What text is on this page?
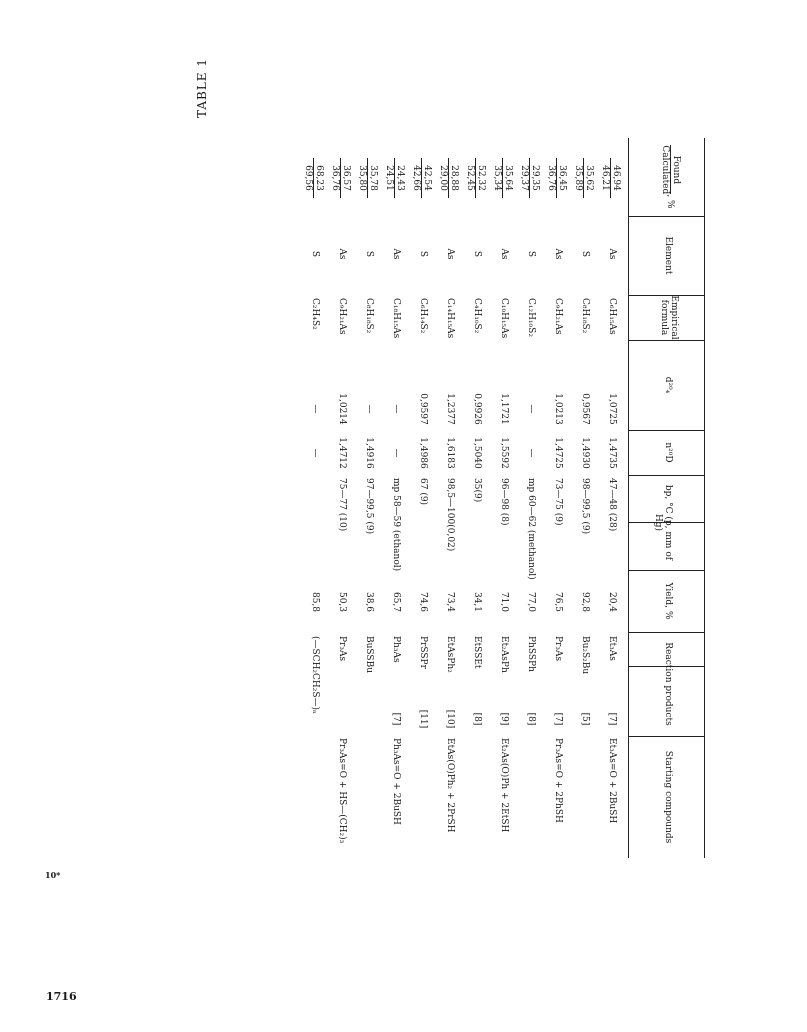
TABLE 1
Found
Calculated
, %
Element
Empirical formula
d²⁰₄
n²⁰D
bp, °C (p, mm of Hg)
Yield, %
Reaction products
Starting compounds
Et₃As=O + 2BuSH
Et₃As
[7]
20,4
47—48 (28)
1,4735
1,0725
C₆H₁₅As
As
46,94
46,21
Bu₂S₂Bu
[5]
92,8
98—99,5 (9)
1,4930
0,9567
C₈H₁₈S₂
S
35,62
35,89
Pr₃As=O + 2PhSH
Pr₃As
[7]
76,5
73—75 (9)
1,4725
1,0213
C₉H₂₁As
As
36,45
36,76
PhSSPh
[8]
77,0
mp 60—62 (methanol)
—
—
C₁₂H₁₀S₂
S
29,35
29,37
Et₂As(O)Ph + 2EtSH
Et₂AsPh
[9]
71,0
96—98 (8)
1,5592
1,1721
C₁₀H₁₅As
As
35,64
35,34
EtSSEt
[8]
34,1
35(9)
1,5040
0,9926
C₄H₁₀S₂
S
52,32
52,45
EtAs(O)Ph₂ + 2PrSH
EtAsPh₂
[10]
73,4
98,5—100(0,02)
1,6183
1,2377
C₁₄H₁₅As
As
28,88
29,00
PrSSPr
[11]
74,6
67 (9)
1,4986
0,9597
C₆H₁₄S₂
S
42,54
42,66
Ph₃As=O + 2BuSH
Ph₃As
[7]
65,7
mp 58—59 (ethanol)
—
—
C₁₈H₁₅As
As
24,43
24,51
BuSSBu
38,6
97—99,5 (9)
1,4916
—
C₈H₁₈S₂
S
35,78
35,80
Pr₃As=O + HS—(CH₂)₃
Pr₃As
50,3
75—77 (10)
1,4712
1,0214
C₉H₂₁As
As
36,57
36,76
(—SCH₂CH₂S—)ₙ
85,8
—
—
C₂H₄S₂
S
68,23
69,56
1716
10*
